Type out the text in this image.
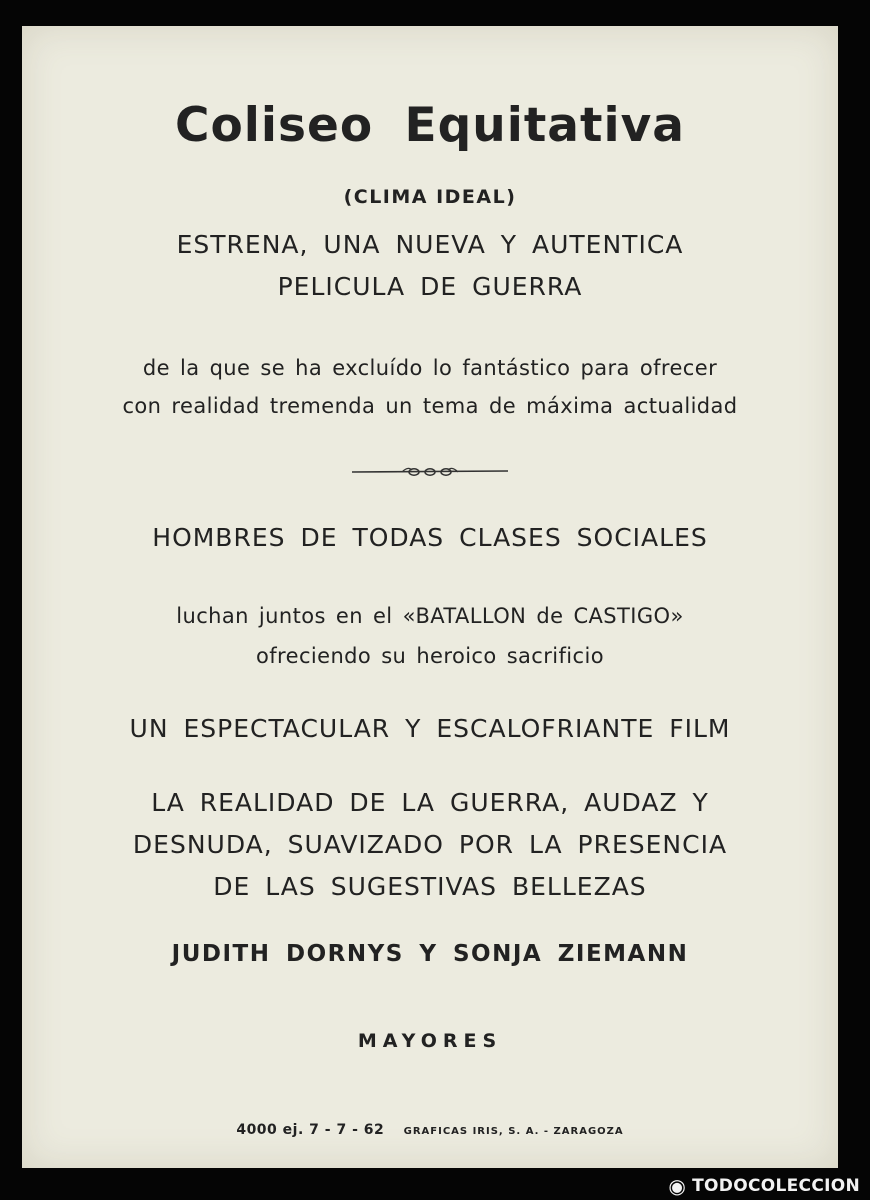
Coliseo Equitativa
(CLIMA IDEAL)
ESTRENA, UNA NUEVA Y AUTENTICA
PELICULA DE GUERRA
de la que se ha excluído lo fantástico para ofrecer
con realidad tremenda un tema de máxima actualidad
HOMBRES DE TODAS CLASES SOCIALES
luchan juntos en el «BATALLON de CASTIGO»
ofreciendo su heroico sacrificio
UN ESPECTACULAR Y ESCALOFRIANTE FILM
LA REALIDAD DE LA GUERRA, AUDAZ Y
DESNUDA, SUAVIZADO POR LA PRESENCIA
DE LAS SUGESTIVAS BELLEZAS
JUDITH DORNYS Y SONJA ZIEMANN
MAYORES
4000 ej. 7 - 7 - 62 GRAFICAS IRIS, S. A. - ZARAGOZA
◉ TODOCOLECCION
